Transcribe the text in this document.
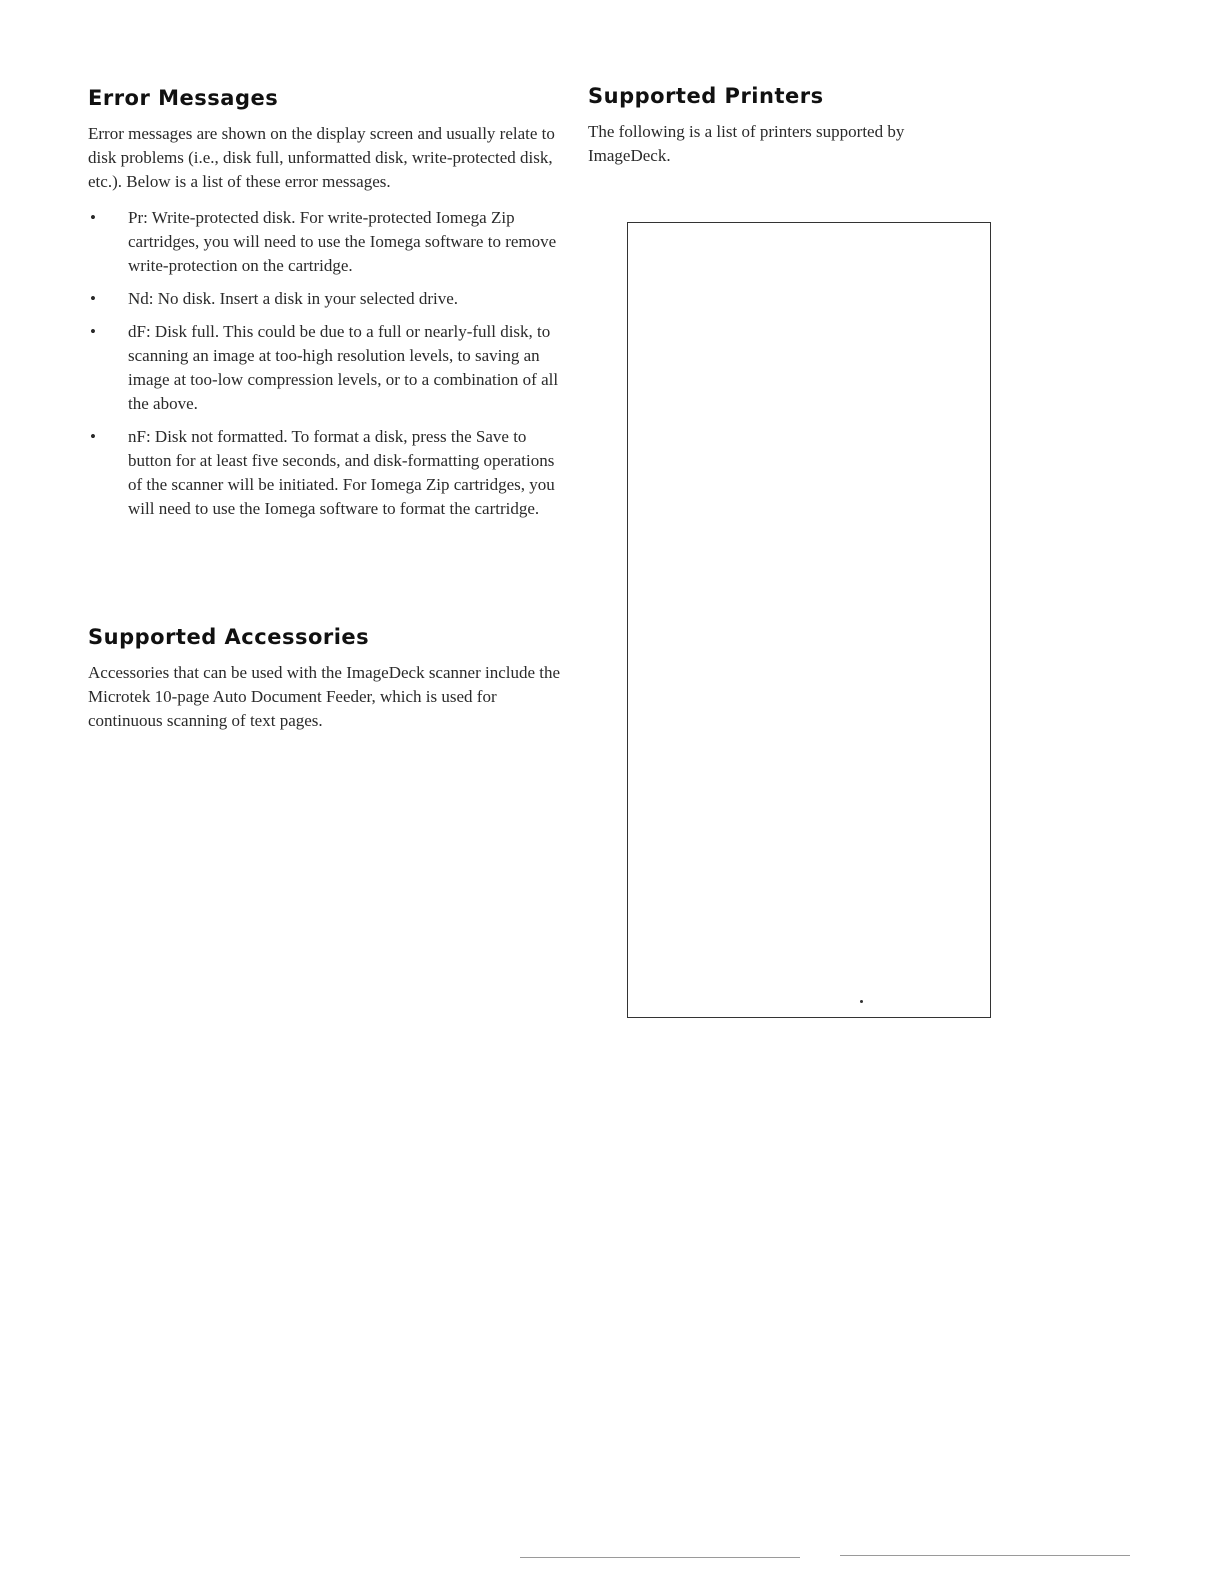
Error Messages

Error messages are shown on the display screen and usually relate to disk problems (i.e., disk full, unformatted disk, write-protected disk, etc.). Below is a list of these error messages.

• Pr: Write-protected disk. For write-protected Iomega Zip cartridges, you will need to use the Iomega software to remove write-protection on the cartridge.
• Nd: No disk. Insert a disk in your selected drive.
• dF: Disk full. This could be due to a full or nearly-full disk, to scanning an image at too-high resolution levels, to saving an image at too-low compression levels, or to a combination of all the above.
• nF: Disk not formatted. To format a disk, press the Save to button for at least five seconds, and disk-formatting operations of the scanner will be initiated. For Iomega Zip cartridges, you will need to use the Iomega software to format the cartridge.
Supported Accessories

Accessories that can be used with the ImageDeck scanner include the Microtek 10-page Auto Document Feeder, which is used for continuous scanning of text pages.

Supported Printers

The following is a list of printers supported by ImageDeck.
